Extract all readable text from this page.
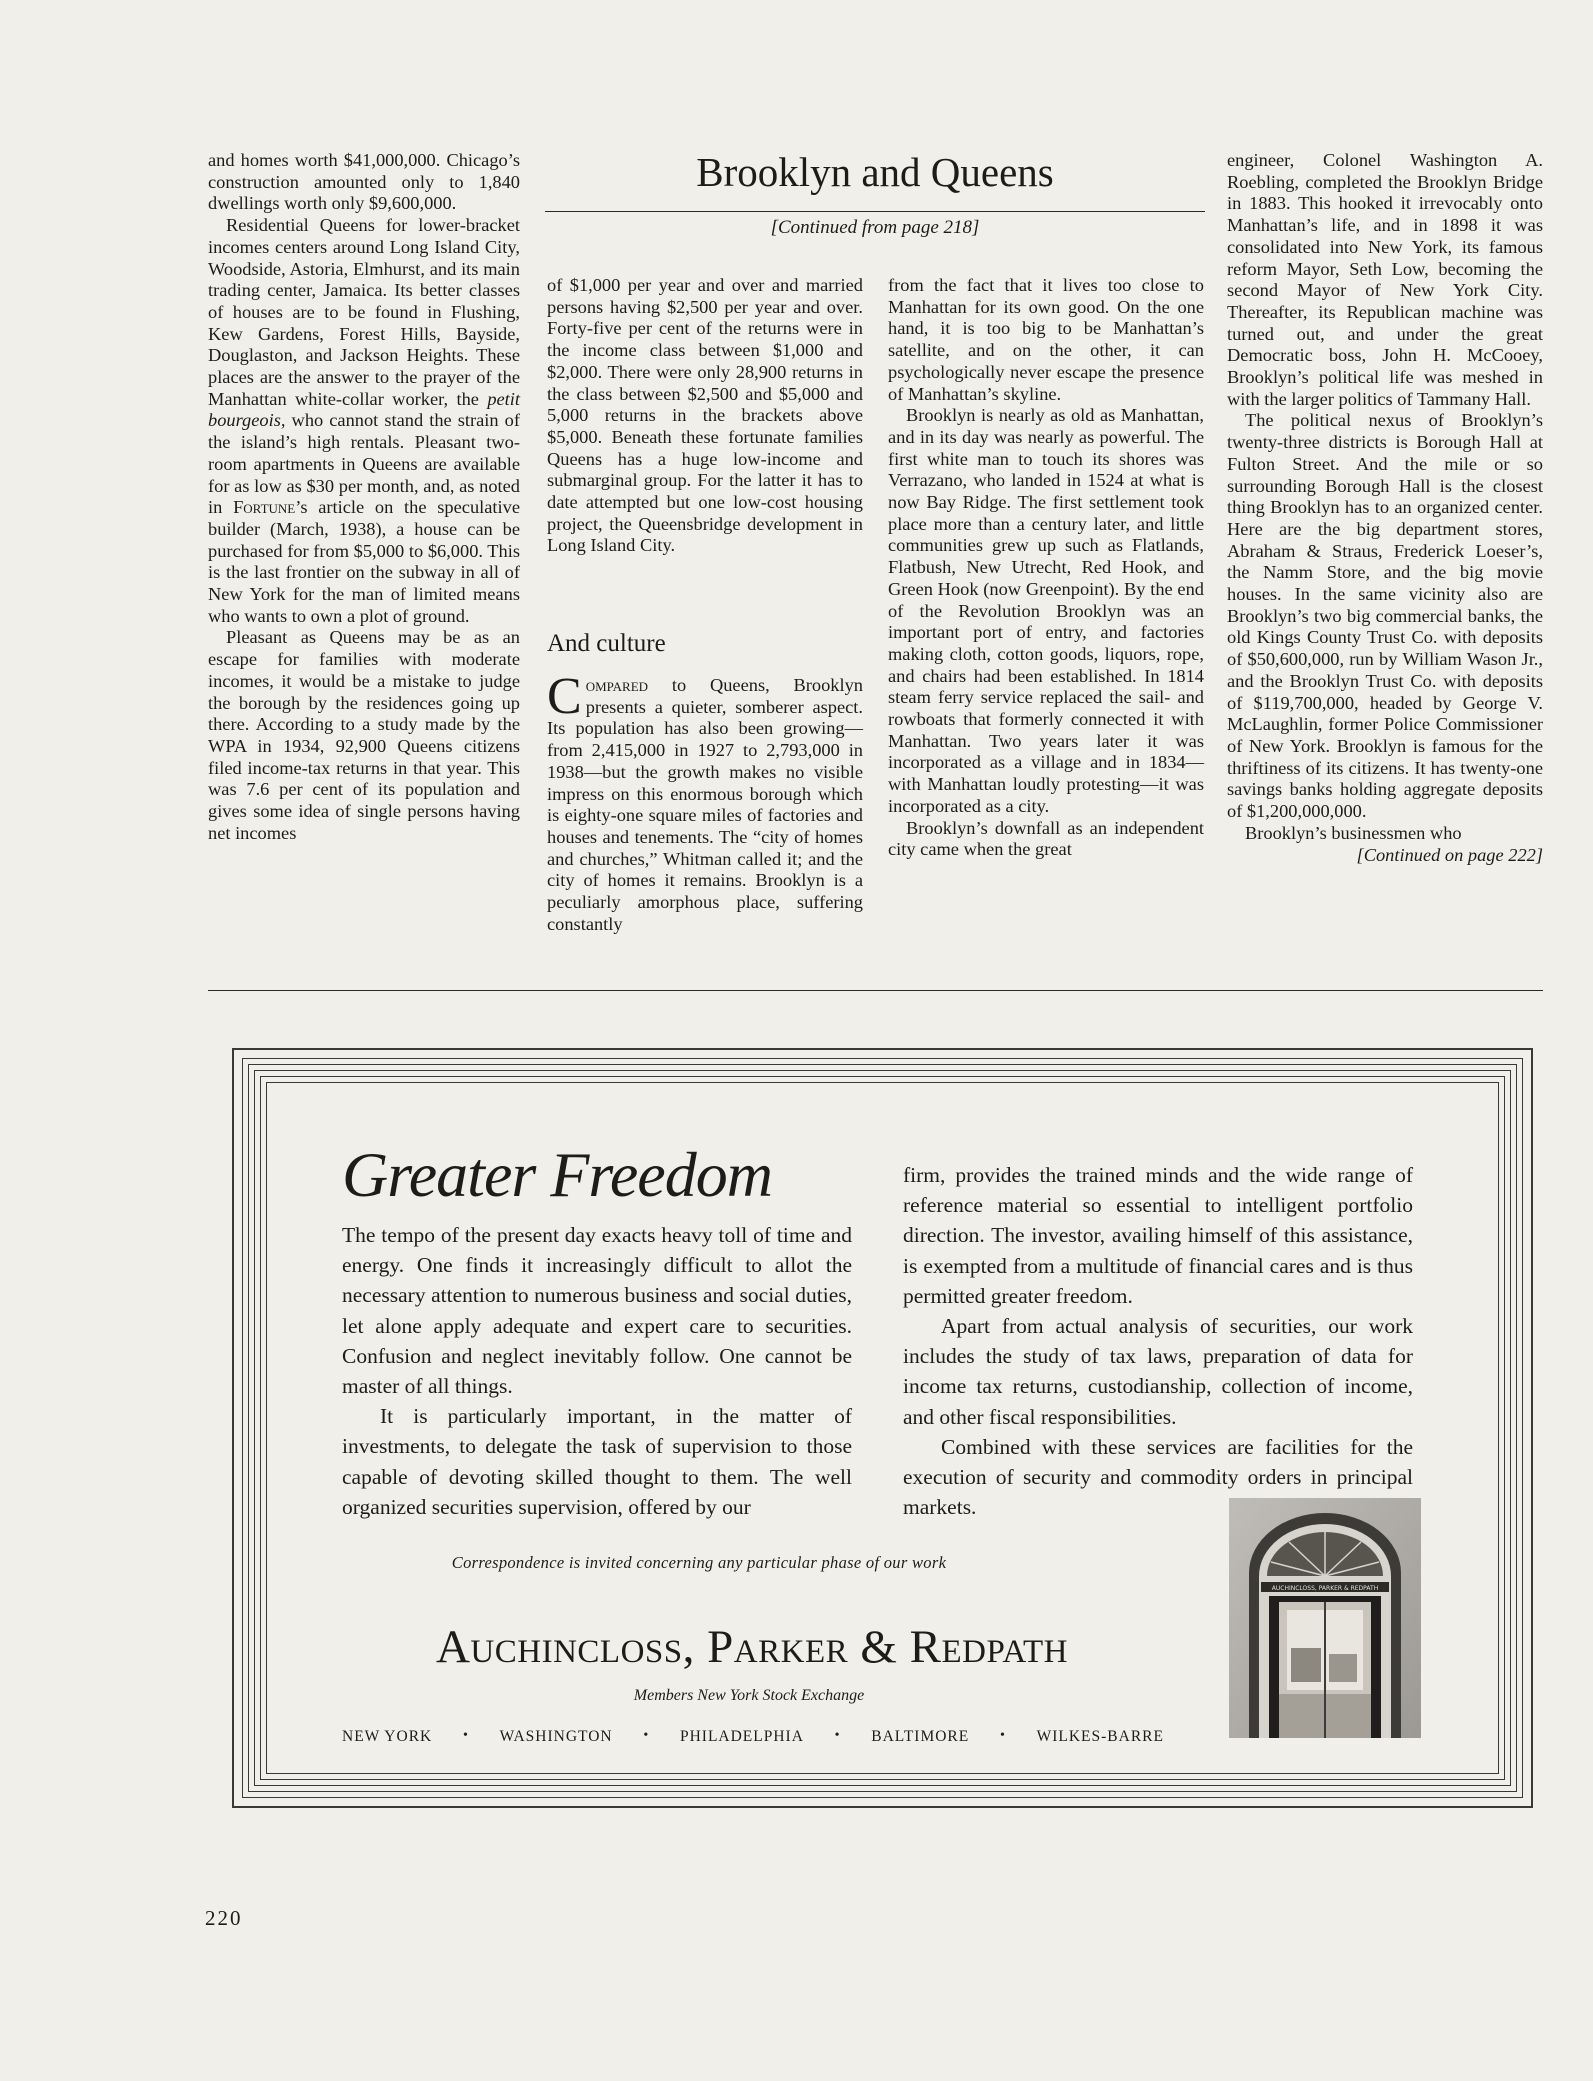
Brooklyn and Queens
[Continued from page 218]

and homes worth $41,000,000. Chicago’s construction amounted only to 1,840 dwellings worth only $9,600,000.

Residential Queens for lower-bracket incomes centers around Long Island City, Woodside, Astoria, Elmhurst, and its main trading center, Jamaica. Its better classes of houses are to be found in Flushing, Kew Gardens, Forest Hills, Bayside, Douglaston, and Jackson Heights. These places are the answer to the prayer of the Manhattan white-collar worker, the petit bourgeois, who cannot stand the strain of the island’s high rentals. Pleasant two-room apartments in Queens are available for as low as $30 per month, and, as noted in Fortune’s article on the speculative builder (March, 1938), a house can be purchased for from $5,000 to $6,000. This is the last frontier on the subway in all of New York for the man of limited means who wants to own a plot of ground.

Pleasant as Queens may be as an escape for families with moderate incomes, it would be a mistake to judge the borough by the residences going up there. According to a study made by the WPA in 1934, 92,900 Queens citizens filed income-tax returns in that year. This was 7.6 per cent of its population and gives some idea of single persons having net incomes

of $1,000 per year and over and married persons having $2,500 per year and over. Forty-five per cent of the returns were in the income class between $1,000 and $2,000. There were only 28,900 returns in the class between $2,500 and $5,000 and 5,000 returns in the brackets above $5,000. Beneath these fortunate families Queens has a huge low-income and submarginal group. For the latter it has to date attempted but one low-cost housing project, the Queensbridge development in Long Island City.

And culture

Compared to Queens, Brooklyn presents a quieter, somberer aspect. Its population has also been growing—from 2,415,000 in 1927 to 2,793,000 in 1938—but the growth makes no visible impress on this enormous borough which is eighty-one square miles of factories and houses and tenements. The “city of homes and churches,” Whitman called it; and the city of homes it remains. Brooklyn is a peculiarly amorphous place, suffering constantly

from the fact that it lives too close to Manhattan for its own good. On the one hand, it is too big to be Manhattan’s satellite, and on the other, it can psychologically never escape the presence of Manhattan’s skyline.

Brooklyn is nearly as old as Manhattan, and in its day was nearly as powerful. The first white man to touch its shores was Verrazano, who landed in 1524 at what is now Bay Ridge. The first settlement took place more than a century later, and little communities grew up such as Flatlands, Flatbush, New Utrecht, Red Hook, and Green Hook (now Greenpoint). By the end of the Revolution Brooklyn was an important port of entry, and factories making cloth, cotton goods, liquors, rope, and chairs had been established. In 1814 steam ferry service replaced the sail- and rowboats that formerly connected it with Manhattan. Two years later it was incorporated as a village and in 1834—with Manhattan loudly protesting—it was incorporated as a city.

Brooklyn’s downfall as an independent city came when the great

engineer, Colonel Washington A. Roebling, completed the Brooklyn Bridge in 1883. This hooked it irrevocably onto Manhattan’s life, and in 1898 it was consolidated into New York, its famous reform Mayor, Seth Low, becoming the second Mayor of New York City. Thereafter, its Republican machine was turned out, and under the great Democratic boss, John H. McCooey, Brooklyn’s political life was meshed in with the larger politics of Tammany Hall.

The political nexus of Brooklyn’s twenty-three districts is Borough Hall at Fulton Street. And the mile or so surrounding Borough Hall is the closest thing Brooklyn has to an organized center. Here are the big department stores, Abraham & Straus, Frederick Loeser’s, the Namm Store, and the big movie houses. In the same vicinity also are Brooklyn’s two big commercial banks, the old Kings County Trust Co. with deposits of $50,600,000, run by William Wason Jr., and the Brooklyn Trust Co. with deposits of $119,700,000, headed by George V. McLaughlin, former Police Commissioner of New York. Brooklyn is famous for the thriftiness of its citizens. It has twenty-one savings banks holding aggregate deposits of $1,200,000,000.

Brooklyn’s businessmen who

[Continued on page 222]
Greater Freedom

The tempo of the present day exacts heavy toll of time and energy. One finds it increasingly difficult to allot the necessary attention to numerous business and social duties, let alone apply adequate and expert care to securities. Confusion and neglect inevitably follow. One cannot be master of all things.

It is particularly important, in the matter of investments, to delegate the task of supervision to those capable of devoting skilled thought to them. The well organized securities supervision, offered by our

firm, provides the trained minds and the wide range of reference material so essential to intelligent portfolio direction. The investor, availing himself of this assistance, is exempted from a multitude of financial cares and is thus permitted greater freedom.

Apart from actual analysis of securities, our work includes the study of tax laws, preparation of data for income tax returns, custodianship, collection of income, and other fiscal responsibilities.

Combined with these services are facilities for the execution of security and commodity orders in principal markets.

Correspondence is invited concerning any particular phase of our work
Auchincloss, Parker & Redpath
Members New York Stock Exchange
NEW YORK • WASHINGTON • PHILADELPHIA • BALTIMORE • WILKES-BARRE
AUCHINCLOSS, PARKER & REDPATH
220
